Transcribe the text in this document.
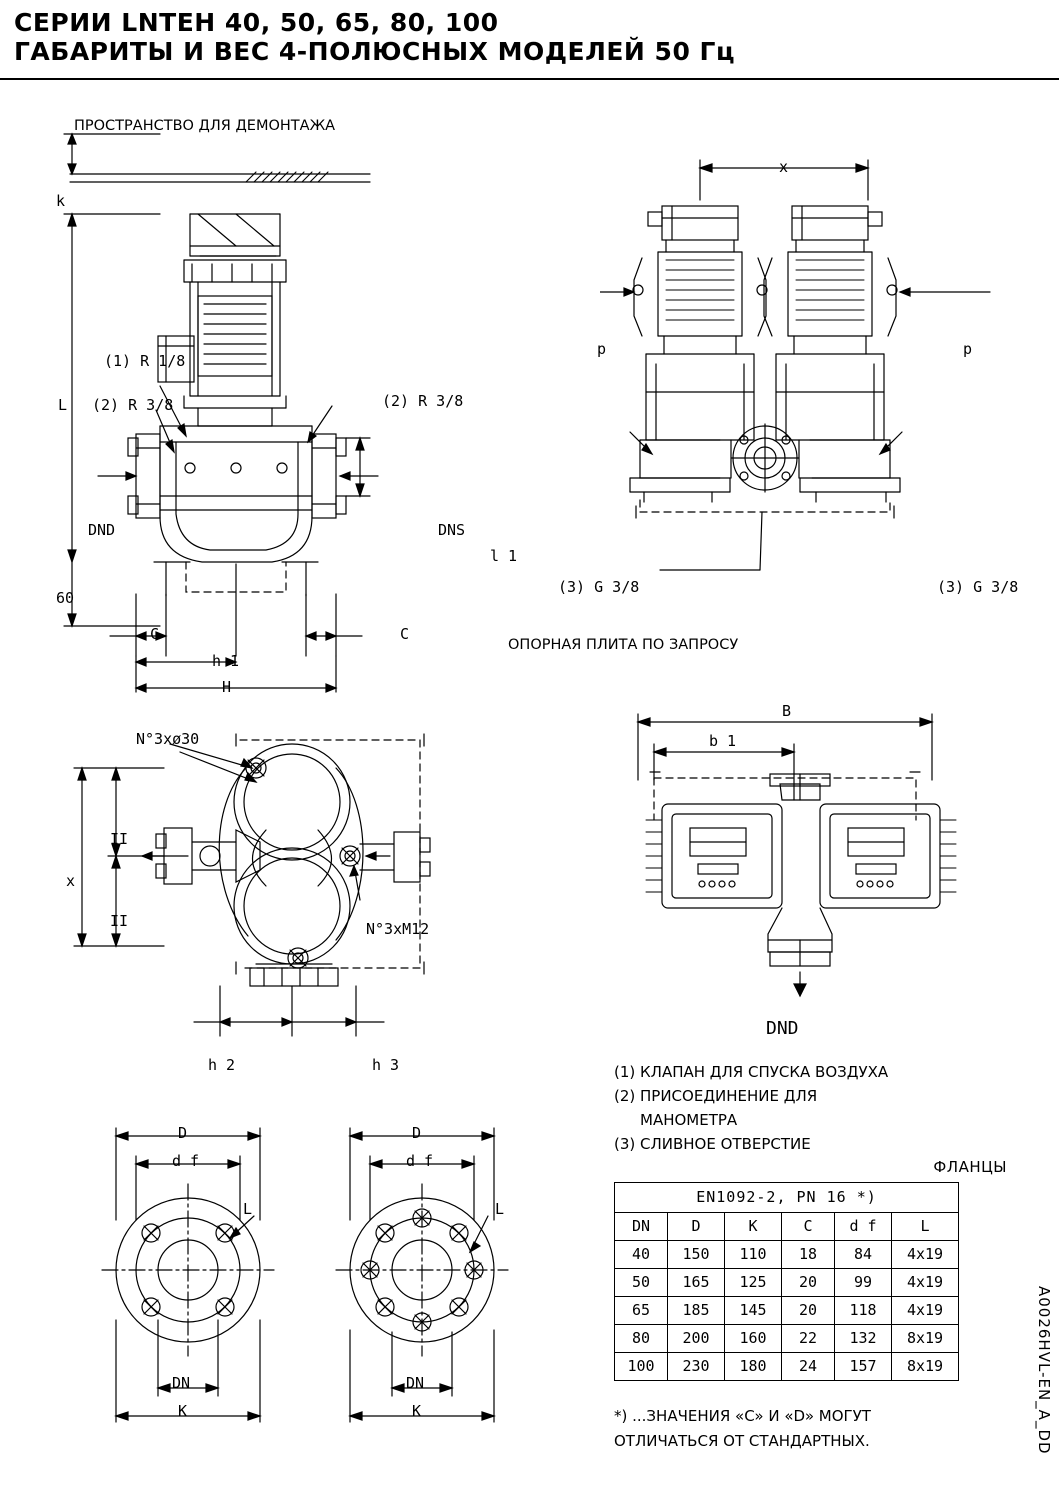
СЕРИИ LNTEH 40, 50, 65, 80, 100
ГАБАРИТЫ И ВЕС 4-ПОЛЮСНЫХ МОДЕЛЕЙ 50 Гц
ПРОСТРАНСТВО ДЛЯ ДЕМОНТАЖА
k
L
(1) R 1/8
(2) R 3/8	(2) R 3/8
DND	DNS
l 1
60
C	C
h 1
H
x
p	p
(3) G 3/8	(3) G 3/8
ОПОРНАЯ ПЛИТА ПО ЗАПРОСУ
N°3xø30
N°3xM12
x
II
II
h 2	h 3
B
b 1
DND
(1) КЛАПАН ДЛЯ СПУСКА ВОЗДУХА
(2) ПРИСОЕДИНЕНИЕ ДЛЯ
МАНОМЕТРА
(3) СЛИВНОЕ ОТВЕРСТИЕ
D
d f
L
DN
K
D
d f
L
DN
K
ФЛАНЦЫ
EN1092-2, PN 16 *)					
DN	D	K	C	d f	L
40	150	110	18	84	4x19
50	165	125	20	99	4x19
65	185	145	20	118	4x19
80	200	160	22	132	8x19
100	230	180	24	157	8x19
*) ...ЗНАЧЕНИЯ «C» И «D» МОГУТ
ОТЛИЧАТЬСЯ ОТ СТАНДАРТНЫХ.	A0026HVL-EN_A_DD
